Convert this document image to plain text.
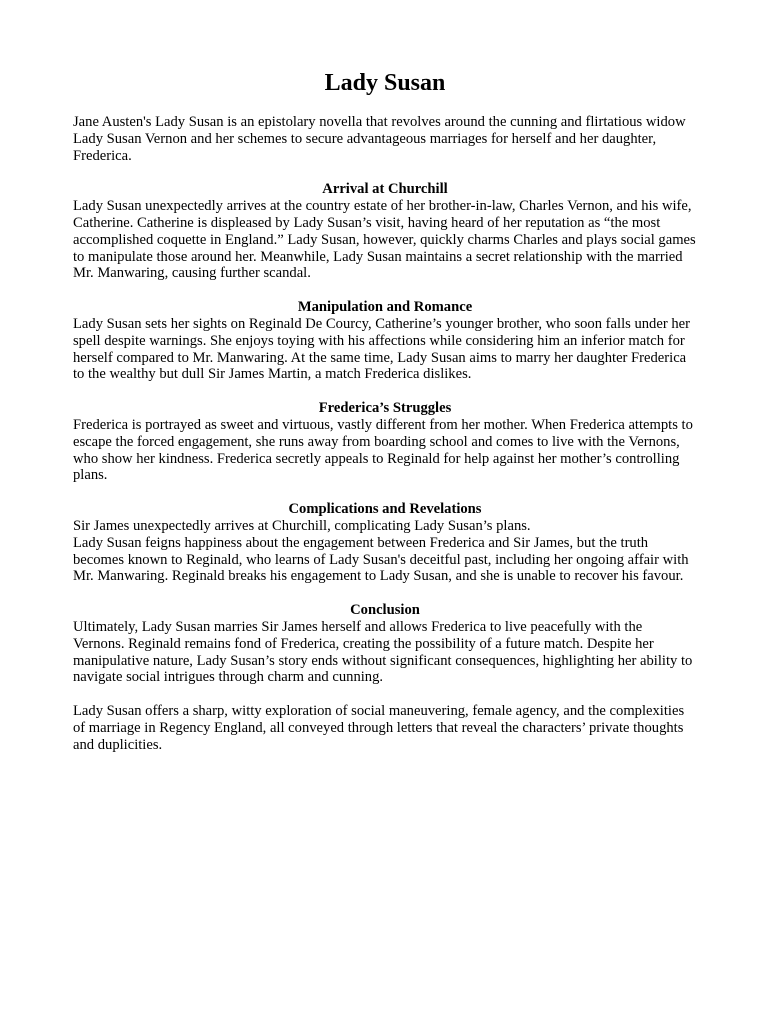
Lady Susan

Jane Austen's Lady Susan is an epistolary novella that revolves around the cunning and flirtatious widow Lady Susan Vernon and her schemes to secure advantageous marriages for herself and her daughter, Frederica.

Arrival at Churchill

Lady Susan unexpectedly arrives at the country estate of her brother-in-law, Charles Vernon, and his wife, Catherine. Catherine is displeased by Lady Susan’s visit, having heard of her reputation as “the most accomplished coquette in England.” Lady Susan, however, quickly charms Charles and plays social games to manipulate those around her. Meanwhile, Lady Susan maintains a secret relationship with the married Mr. Manwaring, causing further scandal.

Manipulation and Romance

Lady Susan sets her sights on Reginald De Courcy, Catherine’s younger brother, who soon falls under her spell despite warnings. She enjoys toying with his affections while considering him an inferior match for herself compared to Mr. Manwaring. At the same time, Lady Susan aims to marry her daughter Frederica to the wealthy but dull Sir James Martin, a match Frederica dislikes.

Frederica’s Struggles

Frederica is portrayed as sweet and virtuous, vastly different from her mother. When Frederica attempts to escape the forced engagement, she runs away from boarding school and comes to live with the Vernons, who show her kindness. Frederica secretly appeals to Reginald for help against her mother’s controlling plans.

Complications and Revelations

Sir James unexpectedly arrives at Churchill, complicating Lady Susan’s plans.

Lady Susan feigns happiness about the engagement between Frederica and Sir James, but the truth becomes known to Reginald, who learns of Lady Susan's deceitful past, including her ongoing affair with Mr. Manwaring. Reginald breaks his engagement to Lady Susan, and she is unable to recover his favour.

Conclusion

Ultimately, Lady Susan marries Sir James herself and allows Frederica to live peacefully with the Vernons. Reginald remains fond of Frederica, creating the possibility of a future match. Despite her manipulative nature, Lady Susan’s story ends without significant consequences, highlighting her ability to navigate social intrigues through charm and cunning.

Lady Susan offers a sharp, witty exploration of social maneuvering, female agency, and the complexities of marriage in Regency England, all conveyed through letters that reveal the characters’ private thoughts and duplicities.
